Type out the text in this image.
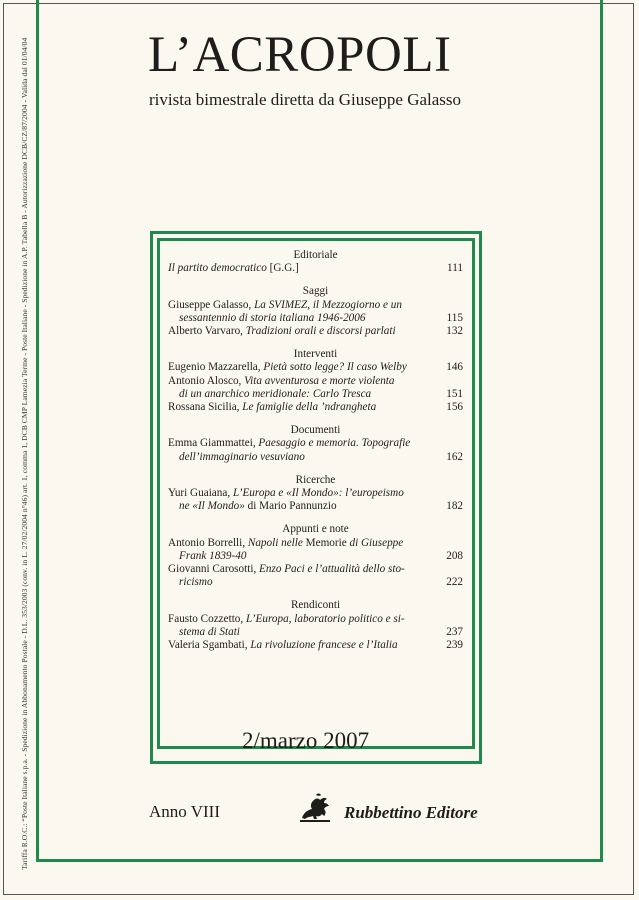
Tariffa R.O.C.: “Poste Italiane s.p.a. - Spedizione in Abbonamento Postale - D.L. 353/2003 (conv. in L. 27/02/2004 n°46) art. 1, comma 1, DCB CMP Lamezia Terme - Poste Italiane - Spedizione in A.P. Tabella B - Autorizzazione DCB/CZ/87/2004 - Valida dal 01/04/04 L’ACROPOLI
rivista bimestrale diretta da Giuseppe Galasso
Editoriale
Il partito democratico [G.G.]	111
Saggi
Giuseppe Galasso, La SVIMEZ, il Mezzogiorno e un
sessantennio di storia italiana 1946-2006	115
Alberto Varvaro, Tradizioni orali e discorsi parlati	132
Interventi
Eugenio Mazzarella, Pietà sotto legge? Il caso Welby	146
Antonio Alosco, Vita avventurosa e morte violenta
di un anarchico meridionale: Carlo Tresca	151
Rossana Sicilia, Le famiglie della ’ndrangheta	156
Documenti
Emma Giammattei, Paesaggio e memoria. Topografie
dell’immaginario vesuviano	162
Ricerche
Yuri Guaiana, L’Europa e «Il Mondo»: l’europeismo
ne «Il Mondo» di Mario Pannunzio	182
Appunti e note
Antonio Borrelli, Napoli nelle Memorie di Giuseppe
Frank 1839-40	208
Giovanni Carosotti, Enzo Paci e l’attualità dello sto-
ricismo	222
Rendiconti
Fausto Cozzetto, L’Europa, laboratorio politico e si-
stema di Stati	237
Valeria Sgambati, La rivoluzione francese e l’Italia	239
2/marzo 2007
Anno VIII	Rubbettino Editore
